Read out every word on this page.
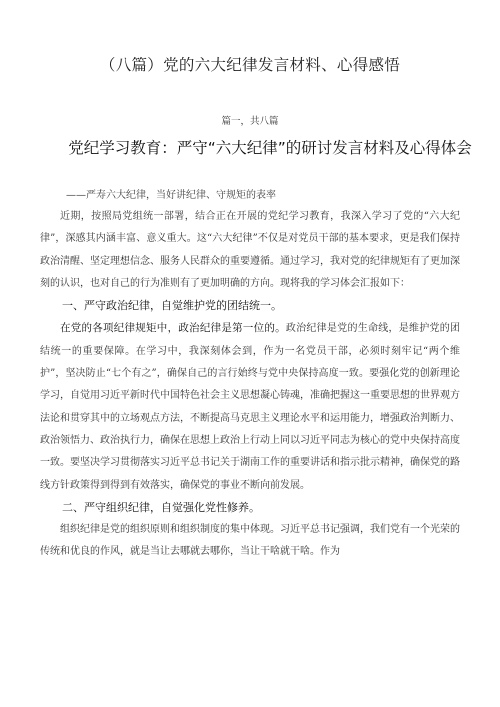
（八篇）党的六大纪律发言材料、心得感悟
篇一，共八篇
党纪学习教育：严守“六大纪律”的研讨发言材料及心得体会
——严寿六大纪律，当好讲纪律、守规矩的表率

近期，按照局党组统一部署，结合正在开展的党纪学习教育，我深入学习了党的“六大纪律”，深感其内涵丰富、意义重大。这“六大纪律”不仅是对党员干部的基本要求，更是我们保持政治清醒、坚定理想信念、服务人民群众的重要遵循。通过学习，我对党的纪律规矩有了更加深刻的认识，也对自己的行为准则有了更加明确的方向。现将我的学习体会汇报如下：

一、严守政治纪律，自觉维护党的团结统一。

在党的各项纪律规矩中，政治纪律是第一位的。政治纪律是党的生命线，是维护党的团结统一的重要保障。在学习中，我深刻体会到，作为一名党员干部，必须时刻牢记“两个维护”，坚决防止“七个有之”，确保自己的言行始终与党中央保持高度一致。要强化党的创新理论学习，自觉用习近平新时代中国特色社会主义思想凝心铸魂，准确把握这一重要思想的世界观方法论和贯穿其中的立场观点方法，不断提高马克思主义理论水平和运用能力，增强政治判断力、政治领悟力、政治执行力，确保在思想上政治上行动上同以习近平同志为核心的党中央保持高度一致。要坚决学习贯彻落实习近平总书记关于湖南工作的重要讲话和指示批示精神，确保党的路线方针政策得到得到有效落实，确保党的事业不断向前发展。

二、严守组织纪律，自觉强化党性修养。

组织纪律是党的组织原则和组织制度的集中体现。习近平总书记强调，我们党有一个光荣的传统和优良的作风，就是当让去哪就去哪你，当让干啥就干啥。作为
